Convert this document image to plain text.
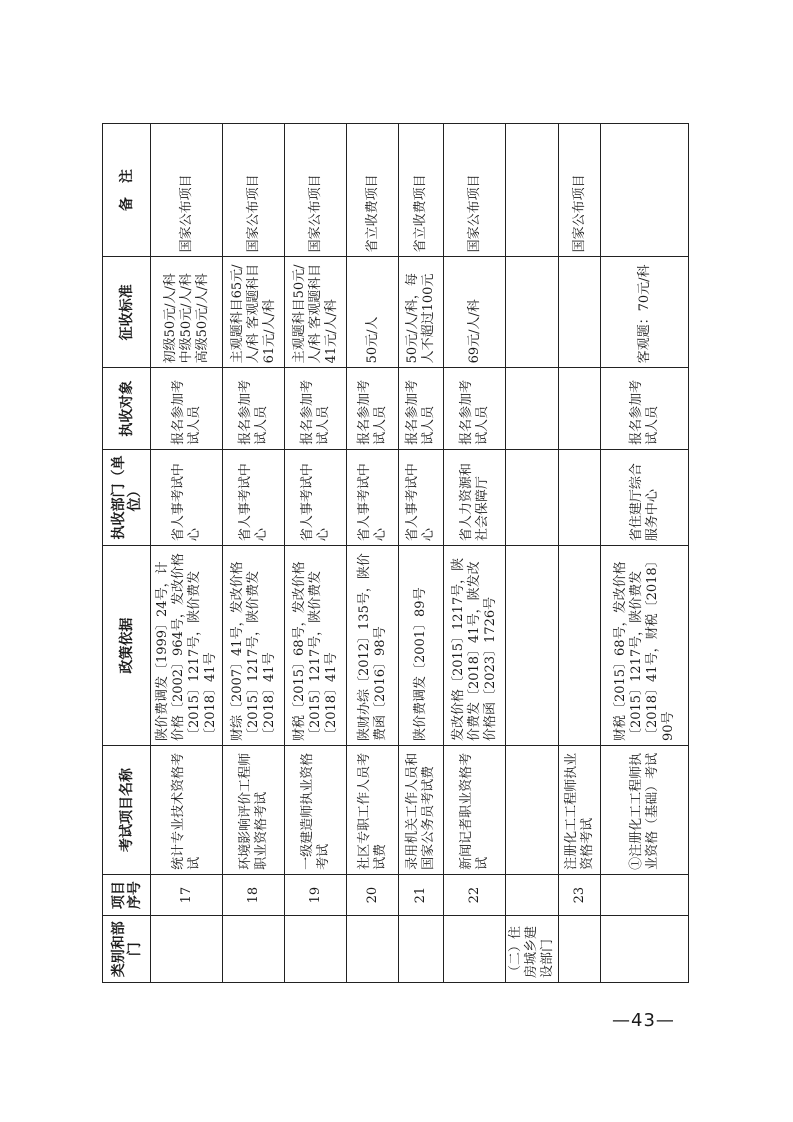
类别和部门	项目序号	考试项目名称	政策依据	执收部门（单位）	执收对象	征收标准	备　注
	17	统计专业技术资格考试	陕价费调发〔1999〕24号，计价格〔2002〕964号，发改价格〔2015〕1217号，陕价费发〔2018〕41号	省人事考试中心	报名参加考试人员	初级50元/人/科 中级50元/人/科 高级50元/人/科	国家公布项目
	18	环境影响评价工程师职业资格考试	财综〔2007〕41号，发改价格〔2015〕1217号，陕价费发〔2018〕41号	省人事考试中心	报名参加考试人员	主观题科目65元/人/科 客观题科目61元/人/科	国家公布项目
	19	一级建造师执业资格考试	财税〔2015〕68号，发改价格〔2015〕1217号，陕价费发〔2018〕41号	省人事考试中心	报名参加考试人员	主观题科目50元/人/科 客观题科目41元/人/科	国家公布项目
	20	社区专职工作人员考试费	陕财办综〔2012〕135号，陕价费函〔2016〕98号	省人事考试中心	报名参加考试人员	50元/人	省立收费项目
	21	录用机关工作人员和国家公务员考试费	陕价费调发〔2001〕89号	省人事考试中心	报名参加考试人员	50元/人/科，每人不超过100元	省立收费项目
	22	新闻记者职业资格考试	发改价格〔2015〕1217号，陕价费发〔2018〕41号，陕发改价格函〔2023〕1726号	省人力资源和社会保障厅	报名参加考试人员	69元/人/科	国家公布项目
（二）住房城乡建设部门							
	23	注册化工工程师执业资格考试					国家公布项目
		①注册化工工程师执业资格（基础）考试	财税〔2015〕68号，发改价格〔2015〕1217号，陕价费发〔2018〕41号，财税〔2018〕90号	省住建厅综合服务中心	报名参加考试人员	客观题：70元/科	
—43—
